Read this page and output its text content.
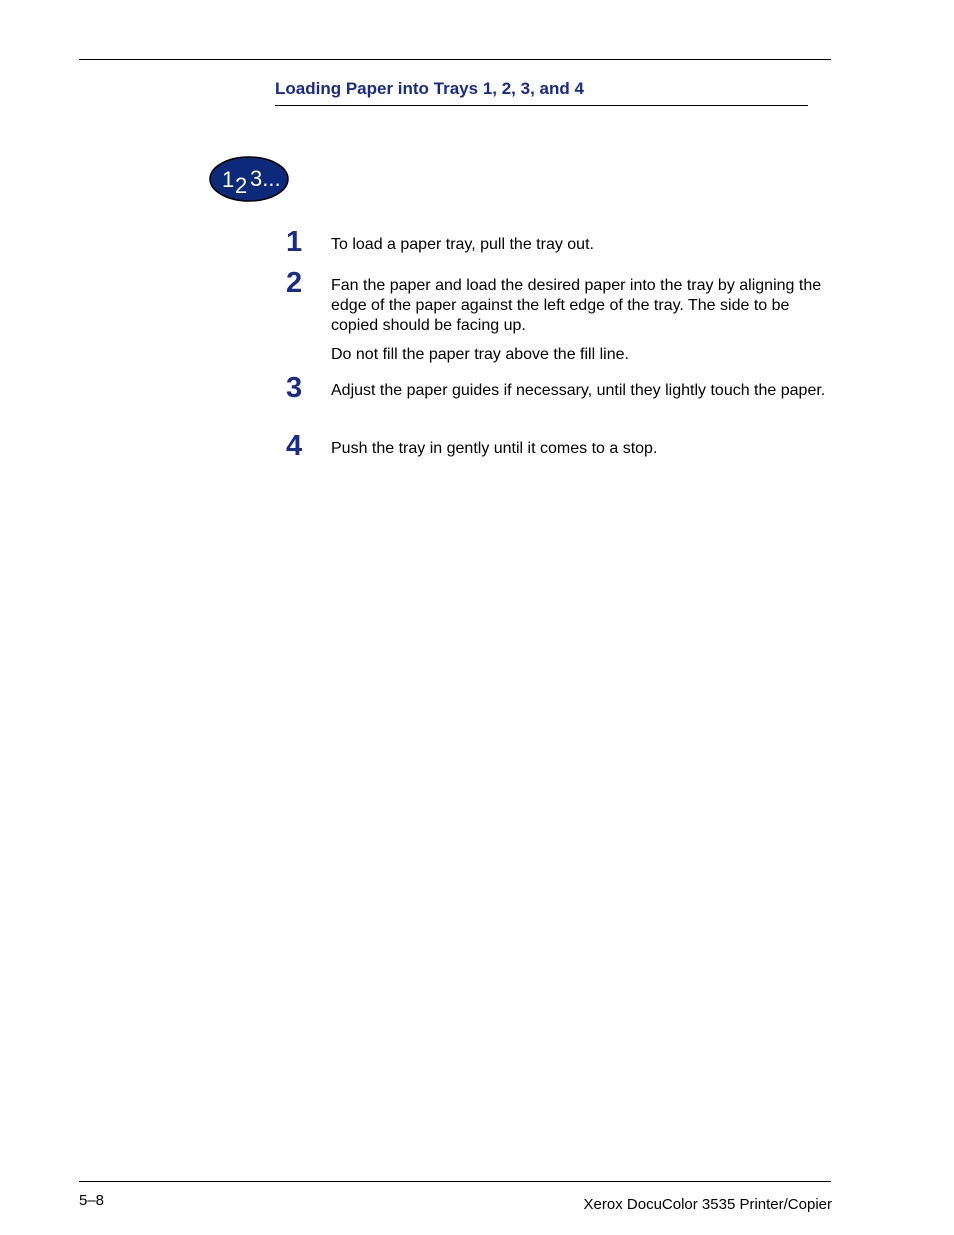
Loading Paper into Trays 1, 2, 3, and 4
1 2 3...
1 To load a paper tray, pull the tray out.
2 Fan the paper and load the desired paper into the tray by aligning the edge of the paper against the left edge of the tray. The side to be copied should be facing up.
Do not fill the paper tray above the fill line.
3 Adjust the paper guides if necessary, until they lightly touch the paper.
4 Push the tray in gently until it comes to a stop.
5–8	Xerox DocuColor 3535 Printer/Copier
